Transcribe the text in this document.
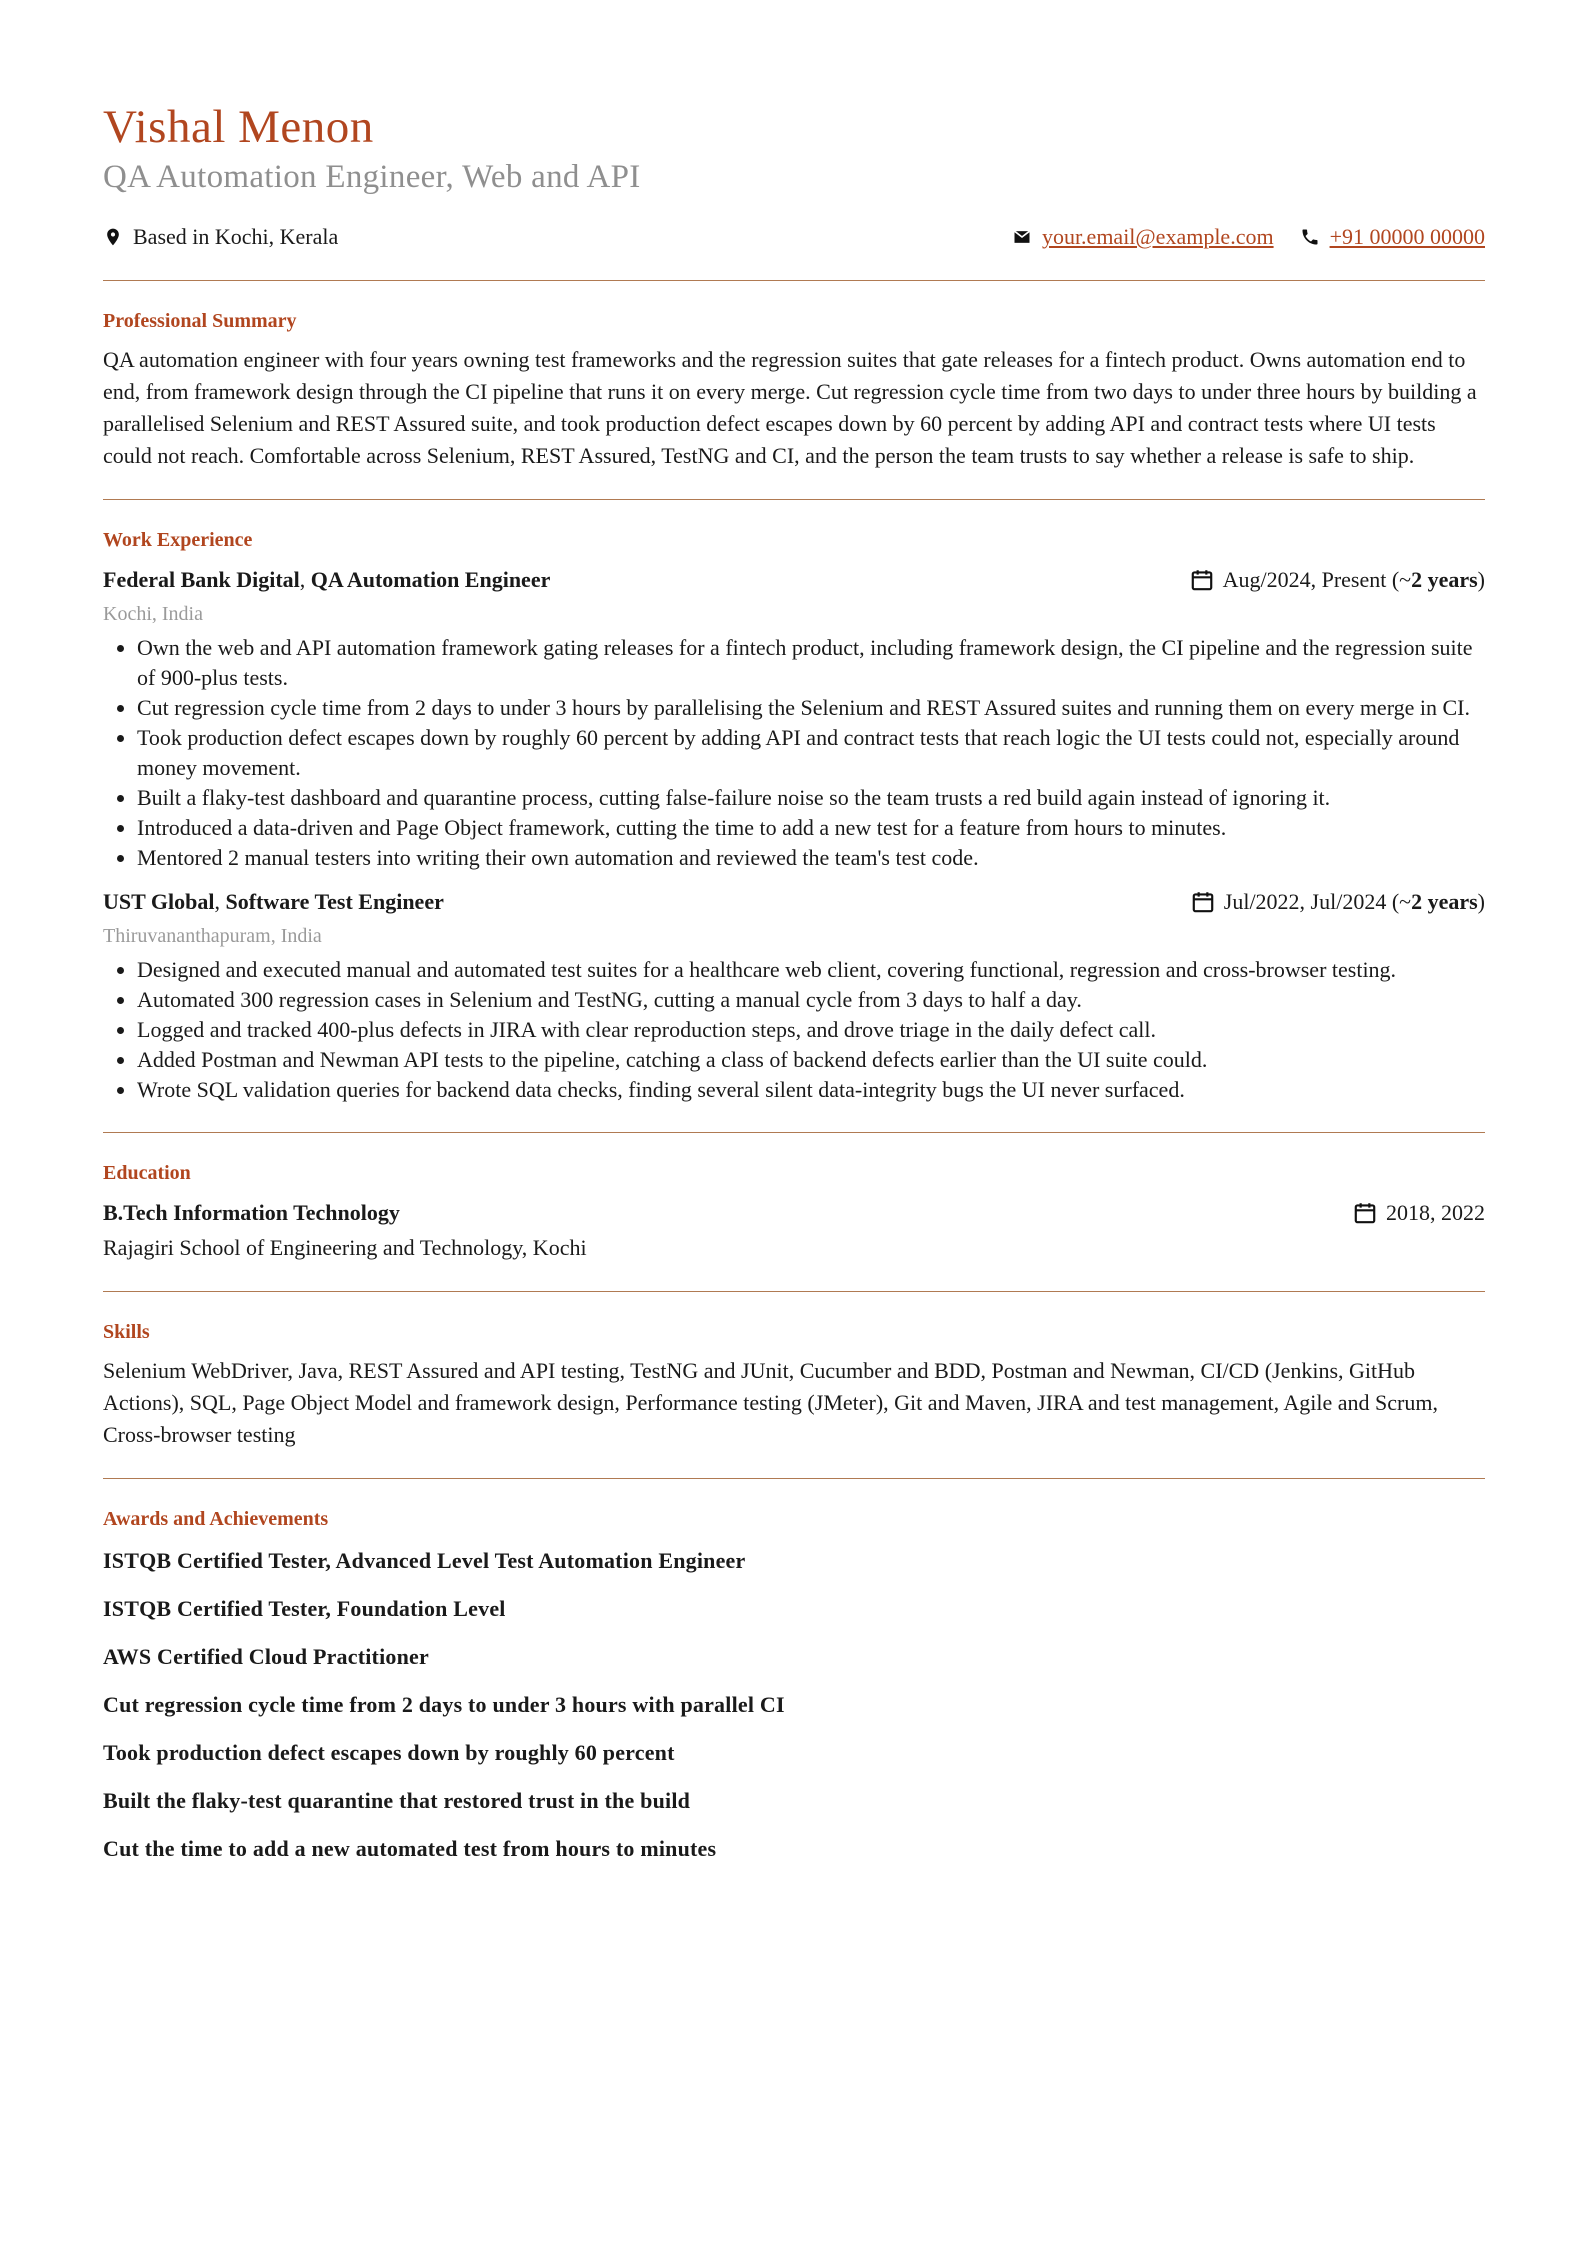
Vishal Menon
QA Automation Engineer, Web and API
Based in Kochi, Kerala	your.email@example.com	+91 00000 00000
Professional Summary

QA automation engineer with four years owning test frameworks and the regression suites that gate releases for a fintech product. Owns automation end to end, from framework design through the CI pipeline that runs it on every merge. Cut regression cycle time from two days to under three hours by building a parallelised Selenium and REST Assured suite, and took production defect escapes down by 60 percent by adding API and contract tests where UI tests could not reach. Comfortable across Selenium, REST Assured, TestNG and CI, and the person the team trusts to say whether a release is safe to ship.

Work Experience
Federal Bank Digital, QA Automation Engineer	Aug/2024, Present (~ 2 years )
Kochi, India
• Own the web and API automation framework gating releases for a fintech product, including framework design, the CI pipeline and the regression suite of 900-plus tests.
• Cut regression cycle time from 2 days to under 3 hours by parallelising the Selenium and REST Assured suites and running them on every merge in CI.
• Took production defect escapes down by roughly 60 percent by adding API and contract tests that reach logic the UI tests could not, especially around money movement.
• Built a flaky-test dashboard and quarantine process, cutting false-failure noise so the team trusts a red build again instead of ignoring it.
• Introduced a data-driven and Page Object framework, cutting the time to add a new test for a feature from hours to minutes.
• Mentored 2 manual testers into writing their own automation and reviewed the team's test code.
UST Global, Software Test Engineer	Jul/2022, Jul/2024 (~ 2 years )
Thiruvananthapuram, India
• Designed and executed manual and automated test suites for a healthcare web client, covering functional, regression and cross-browser testing.
• Automated 300 regression cases in Selenium and TestNG, cutting a manual cycle from 3 days to half a day.
• Logged and tracked 400-plus defects in JIRA with clear reproduction steps, and drove triage in the daily defect call.
• Added Postman and Newman API tests to the pipeline, catching a class of backend defects earlier than the UI suite could.
• Wrote SQL validation queries for backend data checks, finding several silent data-integrity bugs the UI never surfaced.
Education
B.Tech Information Technology	2018, 2022
Rajagiri School of Engineering and Technology, Kochi
Skills

Selenium WebDriver, Java, REST Assured and API testing, TestNG and JUnit, Cucumber and BDD, Postman and Newman, CI/CD (Jenkins, GitHub Actions), SQL, Page Object Model and framework design, Performance testing (JMeter), Git and Maven, JIRA and test management, Agile and Scrum, Cross-browser testing

Awards and Achievements
ISTQB Certified Tester, Advanced Level Test Automation Engineer
ISTQB Certified Tester, Foundation Level
AWS Certified Cloud Practitioner
Cut regression cycle time from 2 days to under 3 hours with parallel CI
Took production defect escapes down by roughly 60 percent
Built the flaky-test quarantine that restored trust in the build
Cut the time to add a new automated test from hours to minutes
